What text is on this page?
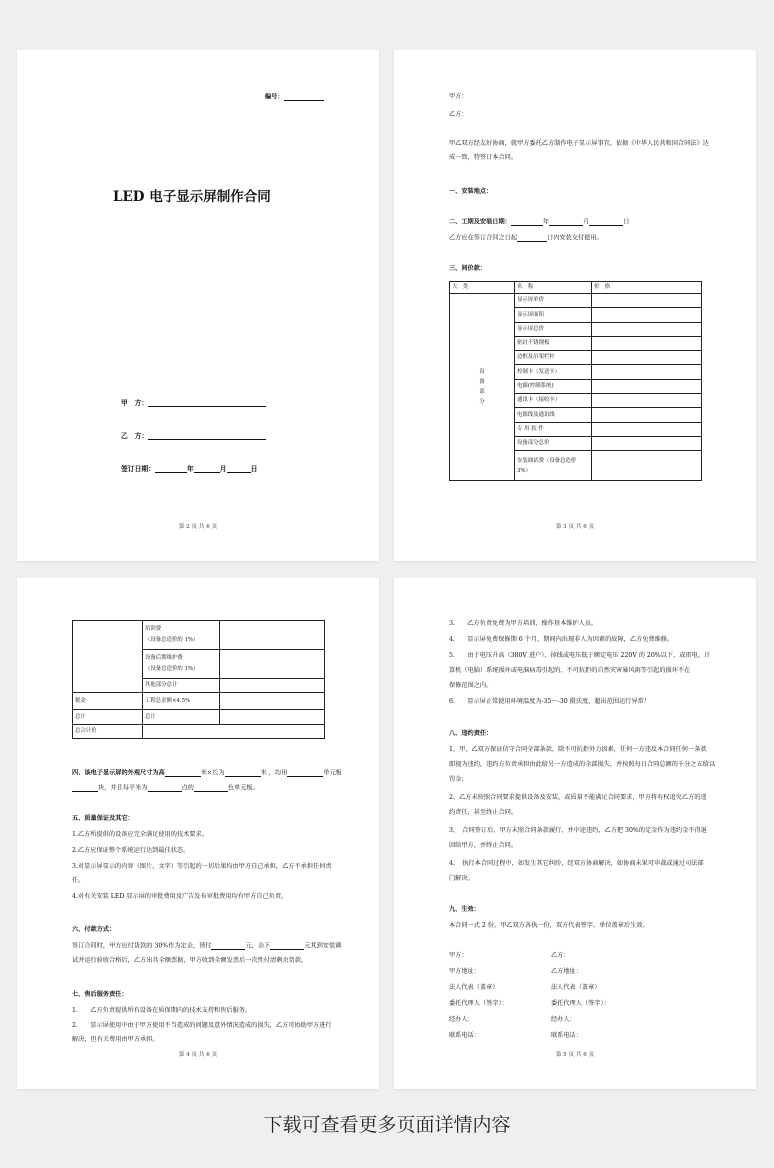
编号：
LED 电子显示屏制作合同
甲　方：
乙　方：
签订日期：	年	月	日
第 2 页 共 6 页
甲方：
乙方：
甲乙双方经友好协商，就甲方委托乙方制作电子显示屏事宜，依据《中华人民共和国合同法》达
成一致，特签订本合同。
一、安装地点：
二、工期及安装日期：	年	月	日
乙方应在签订合同之日起	日内安装交付使用。
三、间价款：
大　类	名　称	价　格
设
备
部
分	显示屏单价	
	显示屏面积	
	显示屏总价	
	密封不锈钢板	
	边框及吊架栏杆	
	控制卡（发送卡）	
	电源(控制系统)	
	通讯卡（接收卡）	
	电源线及通讯线	
	专 用 软 件	
	设备部分总价	
	安装调试费（设备总造价
3%）	
第 3 页 共 6 页
	培训费
（设备总造价的 1%）	
	设备后期维护费
（设备总造价的 1%）	
	其他部分总计	
税金	工程总金额×4.5%	
总计	总计	
总合计价		
四、该电子显示屏的外观尺寸为高	米×长为	米 ，均用	单元板
块，并且每平米为	点的	色单元板。
五、质量保证及其它：
1.乙方所提供的设备应完全满足使用的技术要求。
2.乙方应保证整个系统运行达到最佳状态。
3.对显示屏显示的内容（图片、文字）等引起的一切后果均由甲方自己承担，乙方不承担任何责
任。
4.对有关安装 LED 显示屏的审批费用及广告发布审批费用均有甲方自己负责。
六、付款方式：
签订合同时，甲方应付货款的 30%作为定金，预付	元，余下	元其到安装调
试并运行验收合格后，乙方出具全额票据，甲方收到全额发票后一次性付清剩余货款。
七、售后服务责任：
1.　　乙方负责提供所有设备在质保期内的技术支持和售后服务。
2.　　显示屏使用中由于甲方使用不当造成的问题及意外情况造成的损失，乙方可协助甲方进行
解决，但有关费用由甲方承担。
第 4 页 共 6 页
3.　　乙方负责免费为甲方培训、操作基本维护人员。
4.　　显示屏免费保修期 6 个月，期间内出现非人为因素的故障，乙方免费维修。
5.　　由于电压升高（380V 进户）、掉线或电压低于额定电压 220V 的 20%以下、或雷电、计
算机（电脑）系统损坏或电脑病毒引起的、不可抗拒的自然灾害暴风雨等引起的损坏不在
保修范围之内。
6.　　显示屏正常使用环境温度为-35～-30 摄氏度，超出范围运行异常！
八、违约责任：
1、甲、乙双方保证信守合同全部条款，除不可抗拒外力因素，任何一方违反本合同任何一条款
即视为违约，违约方负责承担由此给另一方造成的全部损失，并按照每日合同总额的千分之五给以
罚金；
2、乙方未按照合同要求提供设备及安装，或质量不能满足合同要求，甲方将有权追究乙方的违
约责任，甚至终止合同。
3、　合同签订后，甲方未照合同条款履行，并中途违约，乙方把 30%的定金作为违约金不得退
回给甲方，并终止合同。
4、　执行本合同过程中，如发生其它纠纷，经双方协商解决，如协商未果可申裁或通过司法部
门解决。
九、生效：
本合同一式 2 份，甲乙双方各执一份，双方代表签字、单位盖章后生效。
甲方：	乙方：
甲方地址：	乙方地址：
法人代表（盖章）	法人代表（盖章）
委托代理人（签字）：	委托代理人（签字）：
经办人：	经办人：
联系电话：	联系电话：
第 5 页 共 6 页
下载可查看更多页面详情内容
